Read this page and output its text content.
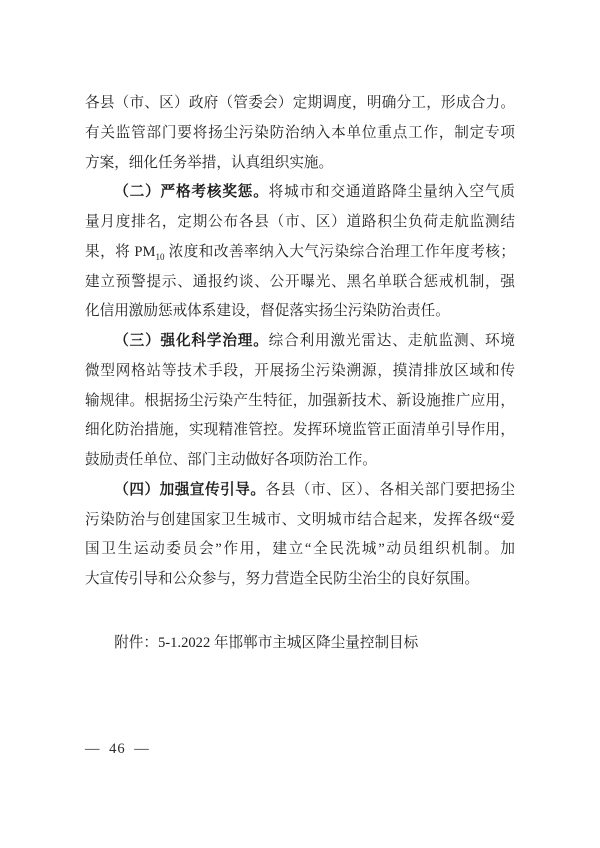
各县（市、区）政府（管委会）定期调度，明确分工，形成合力。
有关监管部门要将扬尘污染防治纳入本单位重点工作，制定专项
方案，细化任务举措，认真组织实施。
（二）严格考核奖惩。将城市和交通道路降尘量纳入空气质
量月度排名，定期公布各县（市、区）道路积尘负荷走航监测结
果，将 $PM_{10}$ 浓度和改善率纳入大气污染综合治理工作年度考核；
建立预警提示、通报约谈、公开曝光、黑名单联合惩戒机制，强
化信用激励惩戒体系建设，督促落实扬尘污染防治责任。
（三）强化科学治理。综合利用激光雷达、走航监测、环境
微型网格站等技术手段，开展扬尘污染溯源，摸清排放区域和传
输规律。根据扬尘污染产生特征，加强新技术、新设施推广应用，
细化防治措施，实现精准管控。发挥环境监管正面清单引导作用，
鼓励责任单位、部门主动做好各项防治工作。
（四）加强宣传引导。各县（市、区）、各相关部门要把扬尘
污染防治与创建国家卫生城市、文明城市结合起来，发挥各级“爱
国卫生运动委员会”作用，建立“全民洗城”动员组织机制。加
大宣传引导和公众参与，努力营造全民防尘治尘的良好氛围。
附件：5-1.2022 年邯郸市主城区降尘量控制目标
— 46 —
